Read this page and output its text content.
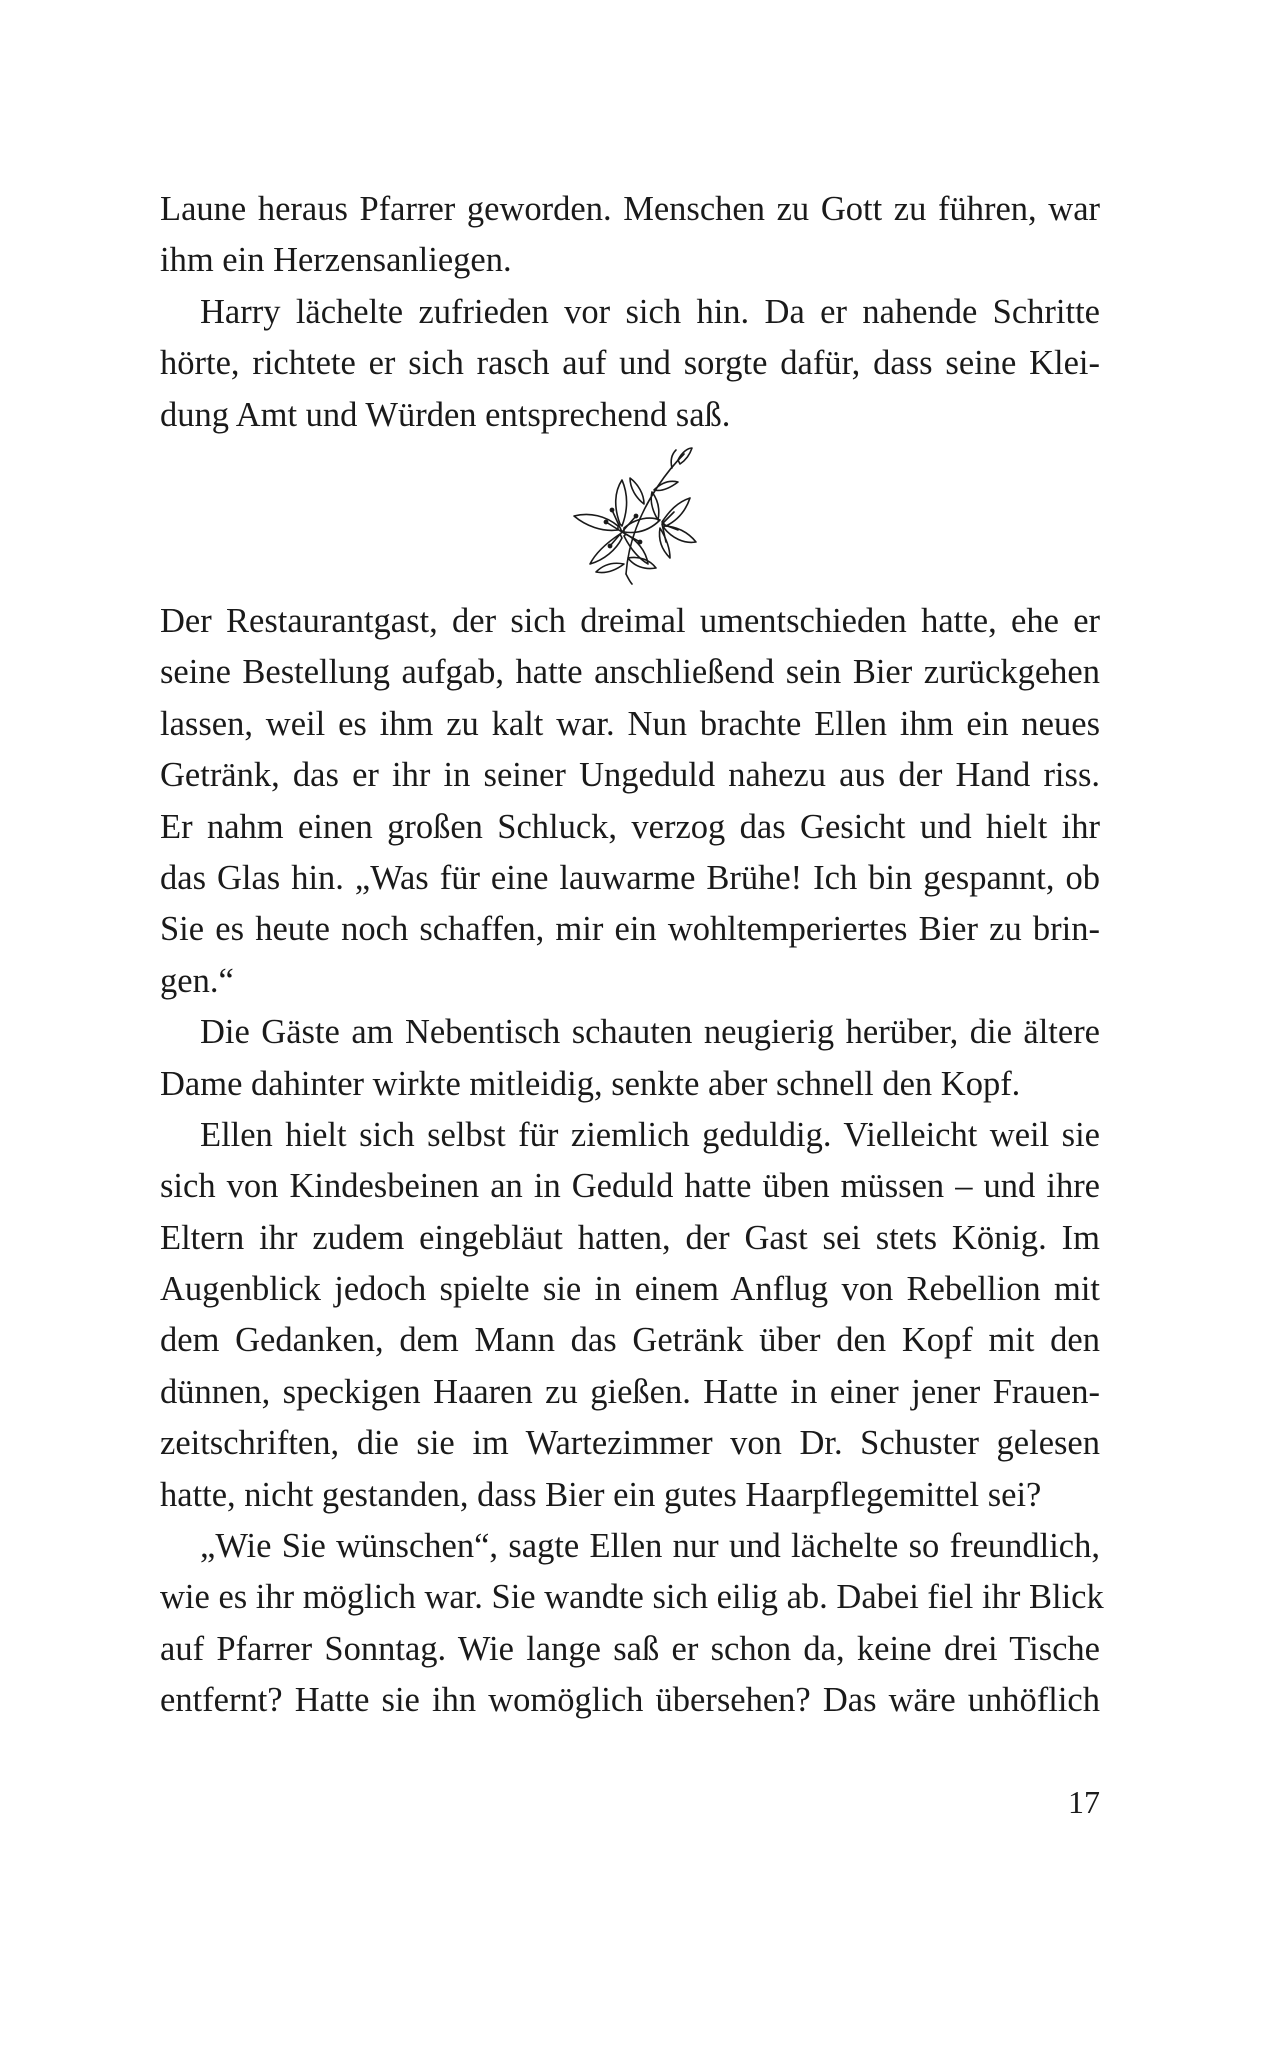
Laune heraus Pfarrer geworden. Menschen zu Gott zu führen, war
ihm ein Herzensanliegen.
Harry lächelte zufrieden vor sich hin. Da er nahende Schritte
hörte, richtete er sich rasch auf und sorgte dafür, dass seine Klei-
dung Amt und Würden entsprechend saß.
Der Restaurantgast, der sich dreimal umentschieden hatte, ehe er
seine Bestellung aufgab, hatte anschließend sein Bier zurückgehen
lassen, weil es ihm zu kalt war. Nun brachte Ellen ihm ein neues
Getränk, das er ihr in seiner Ungeduld nahezu aus der Hand riss.
Er nahm einen großen Schluck, verzog das Gesicht und hielt ihr
das Glas hin. „Was für eine lauwarme Brühe! Ich bin gespannt, ob
Sie es heute noch schaffen, mir ein wohltemperiertes Bier zu brin-
gen.“
Die Gäste am Nebentisch schauten neugierig herüber, die ältere
Dame dahinter wirkte mitleidig, senkte aber schnell den Kopf.
Ellen hielt sich selbst für ziemlich geduldig. Vielleicht weil sie
sich von Kindesbeinen an in Geduld hatte üben müssen – und ihre
Eltern ihr zudem eingebläut hatten, der Gast sei stets König. Im
Augenblick jedoch spielte sie in einem Anflug von Rebellion mit
dem Gedanken, dem Mann das Getränk über den Kopf mit den
dünnen, speckigen Haaren zu gießen. Hatte in einer jener Frauen-
zeitschriften, die sie im Wartezimmer von Dr. Schuster gelesen
hatte, nicht gestanden, dass Bier ein gutes Haarpflegemittel sei?
„Wie Sie wünschen“, sagte Ellen nur und lächelte so freundlich,
wie es ihr möglich war. Sie wandte sich eilig ab. Dabei fiel ihr Blick
auf Pfarrer Sonntag. Wie lange saß er schon da, keine drei Tische
entfernt? Hatte sie ihn womöglich übersehen? Das wäre unhöflich
17
